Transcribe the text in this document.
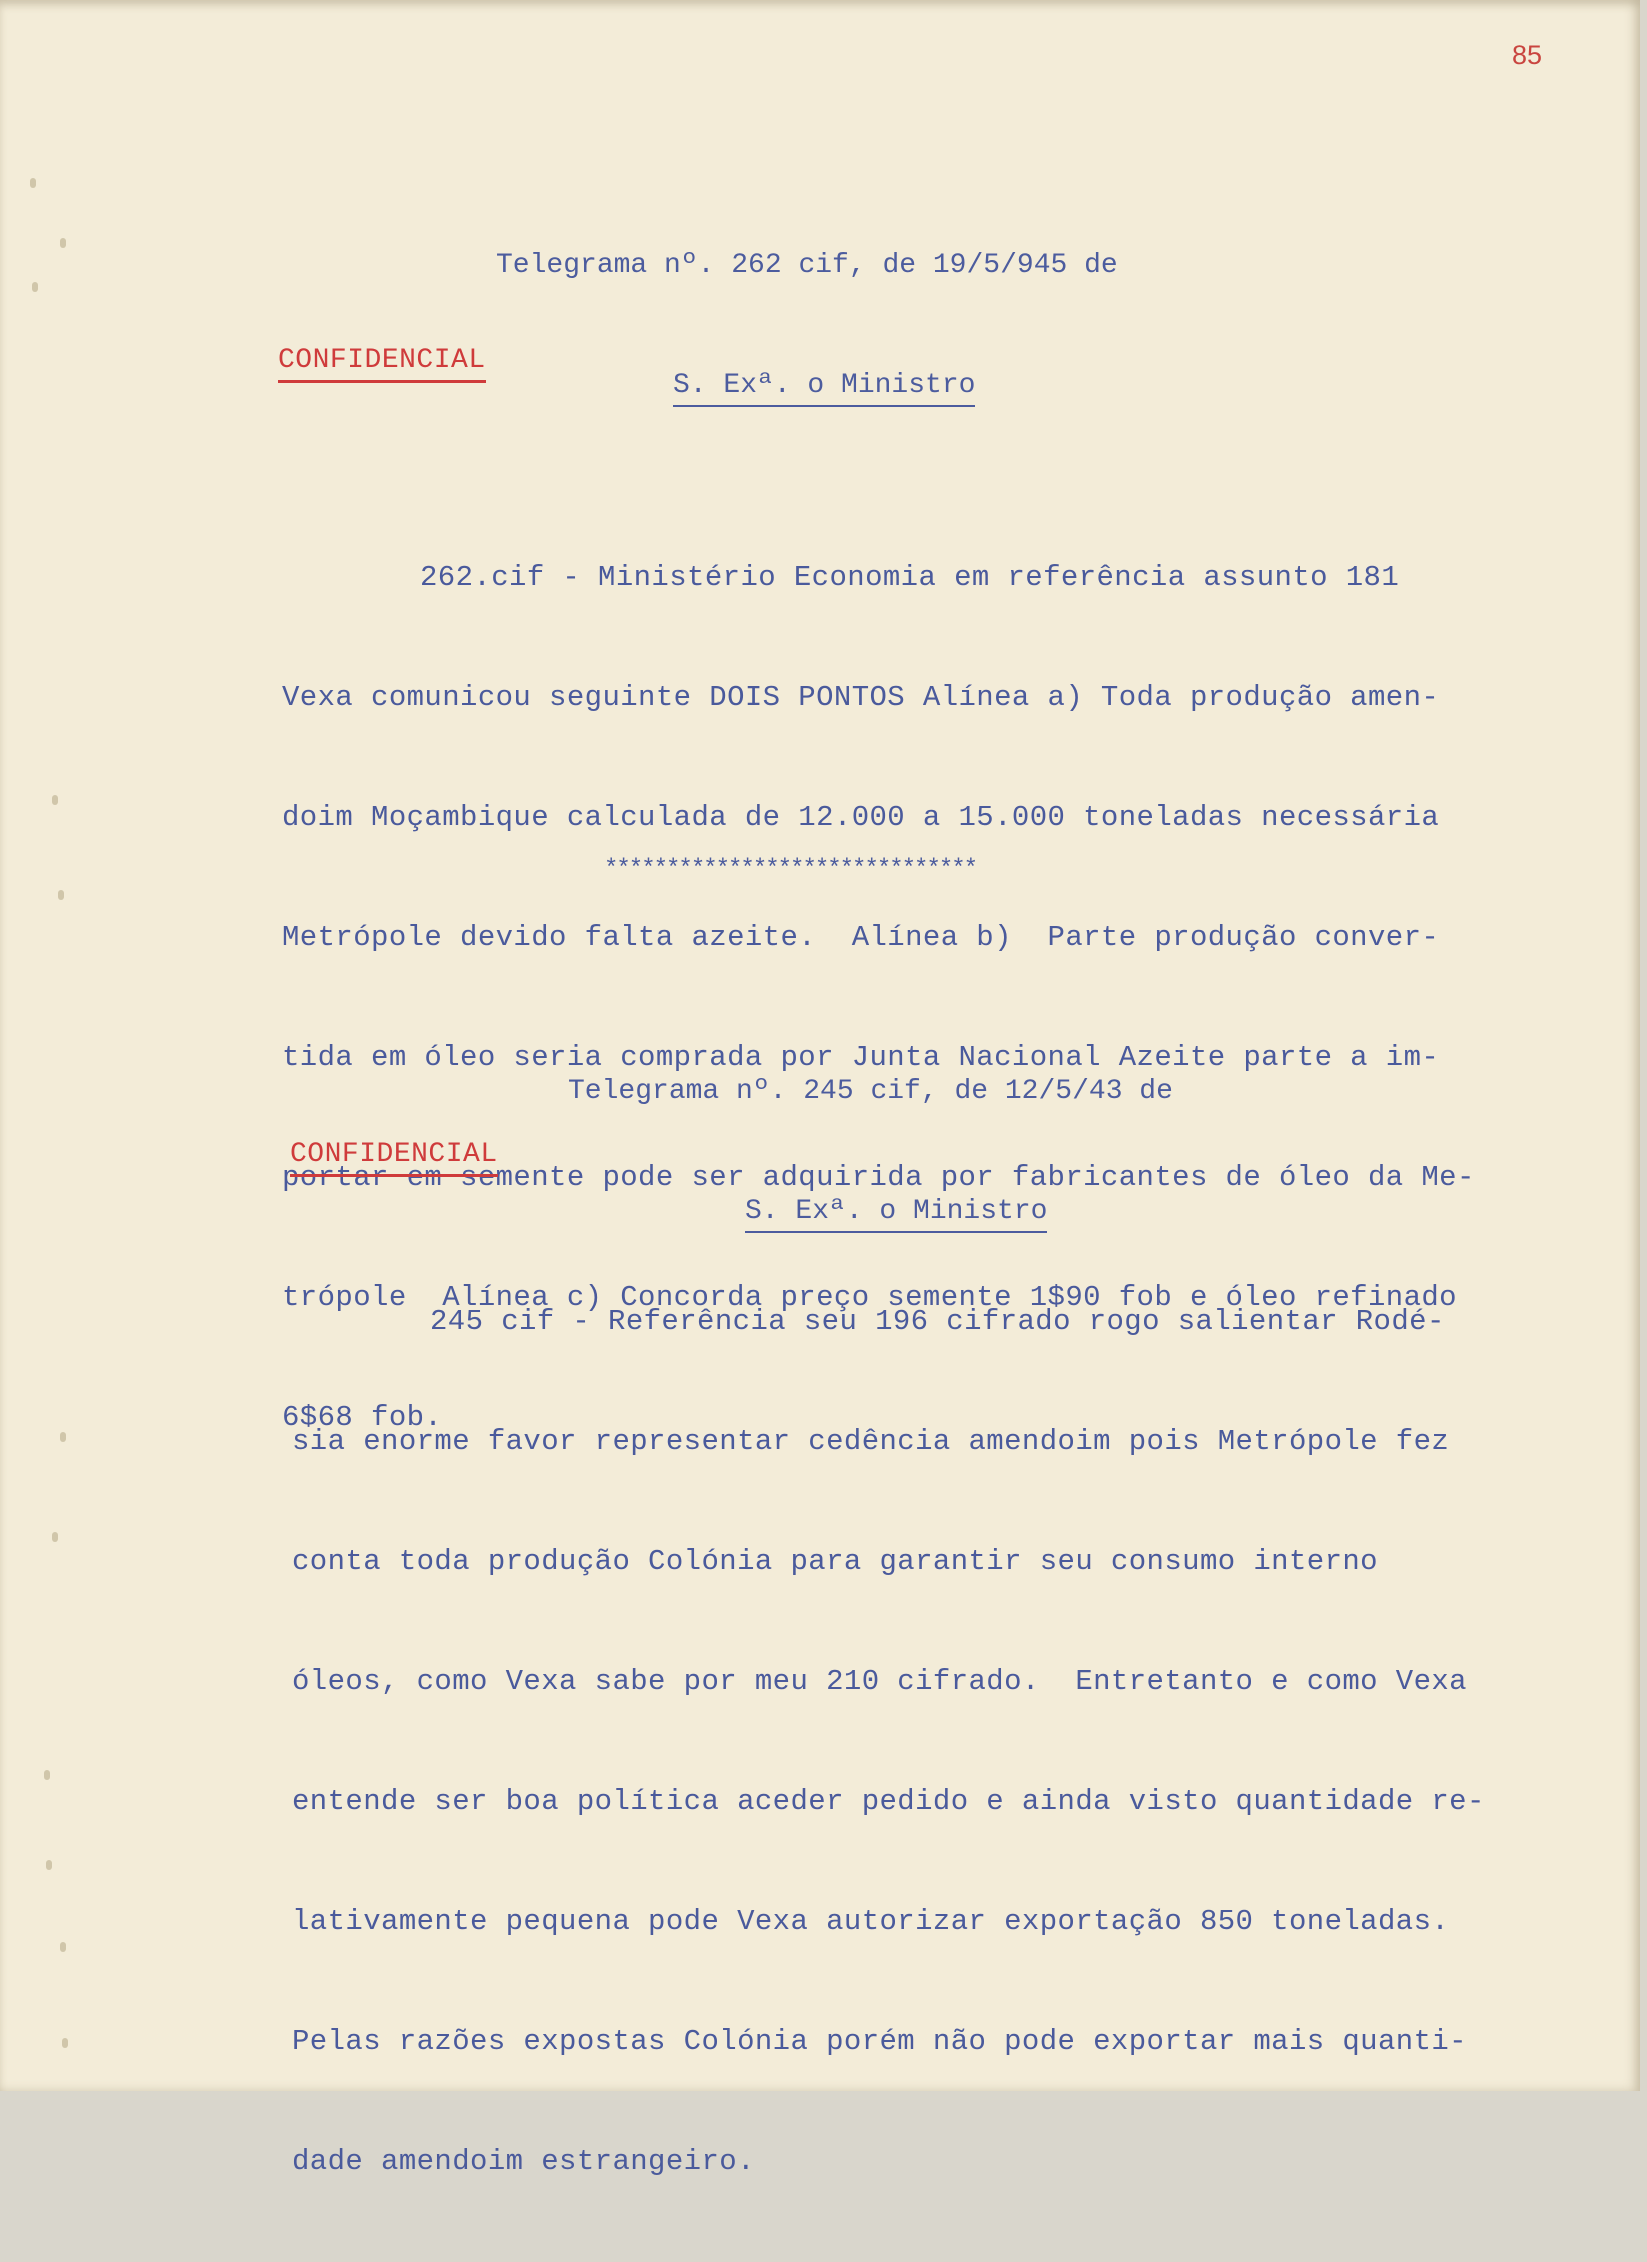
85

Telegrama nº. 262 cif, de 19/5/945 de

S. Exª. o Ministro

CONFIDENCIAL

262.cif - Ministério Economia em referência assunto 181

Vexa comunicou seguinte DOIS PONTOS Alínea a) Toda produção amen-

doim Moçambique calculada de 12.000 a 15.000 toneladas necessária

Metrópole devido falta azeite.  Alínea b)  Parte produção conver-

tida em óleo seria comprada por Junta Nacional Azeite parte a im-

portar em semente pode ser adquirida por fabricantes de óleo da Me-

trópole  Alínea c) Concorda preço semente 1$90 fob e óleo refinado

6$68 fob.

******************************

Telegrama nº. 245 cif, de 12/5/43 de

S. Exª. o Ministro

CONFIDENCIAL

245 cif - Referência seu 196 cifrado rogo salientar Rodé-

sia enorme favor representar cedência amendoim pois Metrópole fez

conta toda produção Colónia para garantir seu consumo interno

óleos, como Vexa sabe por meu 210 cifrado.  Entretanto e como Vexa

entende ser boa política aceder pedido e ainda visto quantidade re-

lativamente pequena pode Vexa autorizar exportação 850 toneladas.

Pelas razões expostas Colónia porém não pode exportar mais quanti-

dade amendoim estrangeiro.
